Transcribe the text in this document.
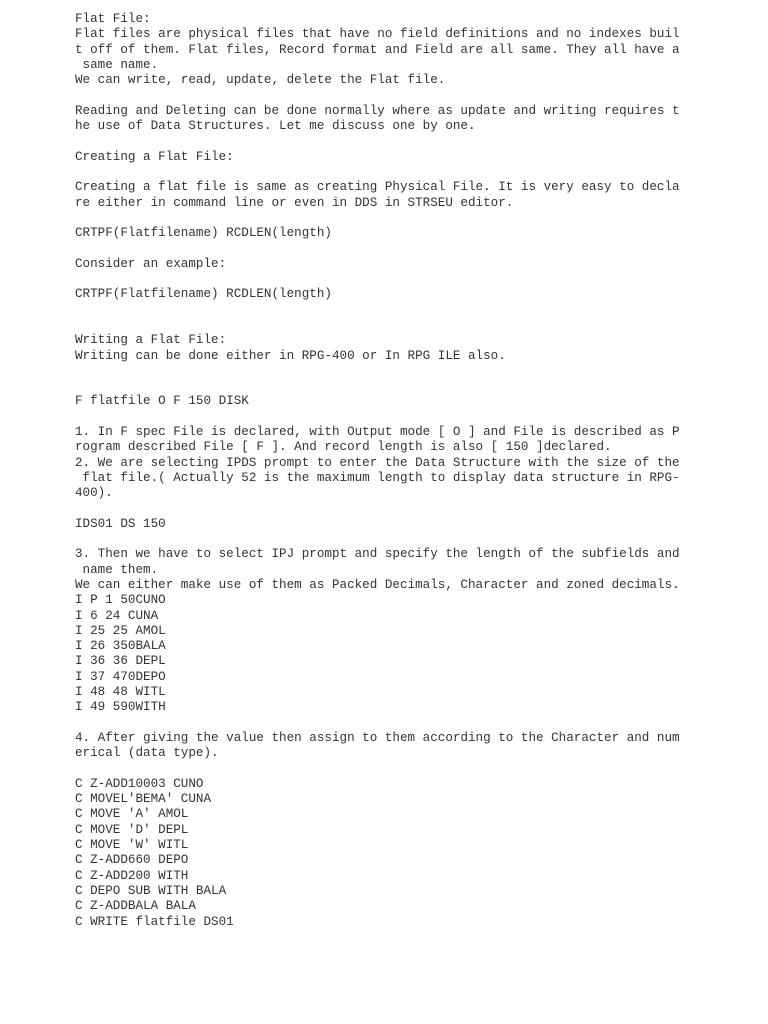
Flat File:
Flat files are physical files that have no field definitions and no indexes buil
t off of them. Flat files, Record format and Field are all same. They all have a
same name.
We can write, read, update, delete the Flat file.
Reading and Deleting can be done normally where as update and writing requires t
he use of Data Structures. Let me discuss one by one.
Creating a Flat File:
Creating a flat file is same as creating Physical File. It is very easy to decla
re either in command line or even in DDS in STRSEU editor.
CRTPF(Flatfilename) RCDLEN(length)
Consider an example:
CRTPF(Flatfilename) RCDLEN(length)
Writing a Flat File:
Writing can be done either in RPG-400 or In RPG ILE also.
F flatfile O F 150 DISK
1. In F spec File is declared, with Output mode [ O ] and File is described as P
rogram described File [ F ]. And record length is also [ 150 ]declared.
2. We are selecting IPDS prompt to enter the Data Structure with the size of the
flat file.( Actually 52 is the maximum length to display data structure in RPG-
400).
IDS01 DS 150
3. Then we have to select IPJ prompt and specify the length of the subfields and
name them.
We can either make use of them as Packed Decimals, Character and zoned decimals.
I P 1 50CUNO
I 6 24 CUNA
I 25 25 AMOL
I 26 350BALA
I 36 36 DEPL
I 37 470DEPO
I 48 48 WITL
I 49 590WITH
4. After giving the value then assign to them according to the Character and num
erical (data type).
C Z-ADD10003 CUNO
C MOVEL'BEMA' CUNA
C MOVE 'A' AMOL
C MOVE 'D' DEPL
C MOVE 'W' WITL
C Z-ADD660 DEPO
C Z-ADD200 WITH
C DEPO SUB WITH BALA
C Z-ADDBALA BALA
C WRITE flatfile DS01
